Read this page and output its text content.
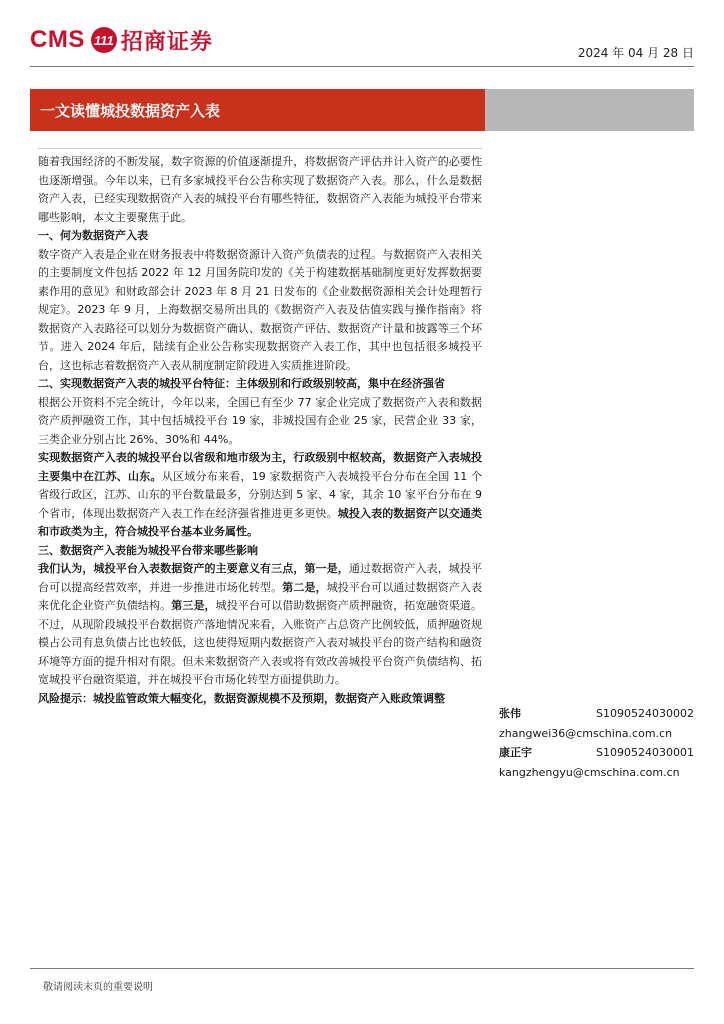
CMS 111 招商证券	2024 年 04 月 28 日
一文读懂城投数据资产入表

随着我国经济的不断发展，数字资源的价值逐渐提升，将数据资产评估并计入资产的必要性也逐渐增强。今年以来，已有多家城投平台公告称实现了数据资产入表。那么，什么是数据资产入表，已经实现数据资产入表的城投平台有哪些特征，数据资产入表能为城投平台带来哪些影响，本文主要聚焦于此。

一、何为数据资产入表

数字资产入表是企业在财务报表中将数据资源计入资产负债表的过程。与数据资产入表相关的主要制度文件包括 2022 年 12 月国务院印发的《关于构建数据基础制度更好发挥数据要素作用的意见》和财政部会计 2023 年 8 月 21 日发布的《企业数据资源相关会计处理暂行规定》。2023 年 9 月，上海数据交易所出具的《数据资产入表及估值实践与操作指南》将数据资产入表路径可以划分为数据资产确认、数据资产评估、数据资产计量和披露等三个环节。进入 2024 年后，陆续有企业公告称实现数据资产入表工作，其中也包括很多城投平台，这也标志着数据资产入表从制度制定阶段进入实质推进阶段。

二、实现数据资产入表的城投平台特征：主体级别和行政级别较高，集中在经济强省

根据公开资料不完全统计，今年以来，全国已有至少 77 家企业完成了数据资产入表和数据资产质押融资工作，其中包括城投平台 19 家，非城投国有企业 25 家，民营企业 33 家，三类企业分别占比 26%、30%和 44%。

实现数据资产入表的城投平台以省级和地市级为主，行政级别中枢较高，数据资产入表城投主要集中在江苏、山东。从区域分布来看，19 家数据资产入表城投平台分布在全国 11 个省级行政区，江苏、山东的平台数量最多，分别达到 5 家、4 家，其余 10 家平台分布在 9 个省市，体现出数据资产入表工作在经济强省推进更多更快。城投入表的数据资产以交通类和市政类为主，符合城投平台基本业务属性。

三、数据资产入表能为城投平台带来哪些影响

我们认为，城投平台入表数据资产的主要意义有三点，第一是，通过数据资产入表，城投平台可以提高经营效率，并进一步推进市场化转型。第二是，城投平台可以通过数据资产入表来优化企业资产负债结构。第三是，城投平台可以借助数据资产质押融资，拓宽融资渠道。不过，从现阶段城投平台数据资产落地情况来看，入账资产占总资产比例较低，质押融资规模占公司有息负债占比也较低，这也使得短期内数据资产入表对城投平台的资产结构和融资环境等方面的提升相对有限。但未来数据资产入表或将有效改善城投平台资产负债结构、拓宽城投平台融资渠道，并在城投平台市场化转型方面提供助力。

风险提示：城投监管政策大幅变化，数据资源规模不及预期，数据资产入账政策调整

张伟	S1090524030002
zhangwei36@cmschina.com.cn
康正宇	S1090524030001
kangzhengyu@cmschina.com.cn
敬请阅读末页的重要说明
